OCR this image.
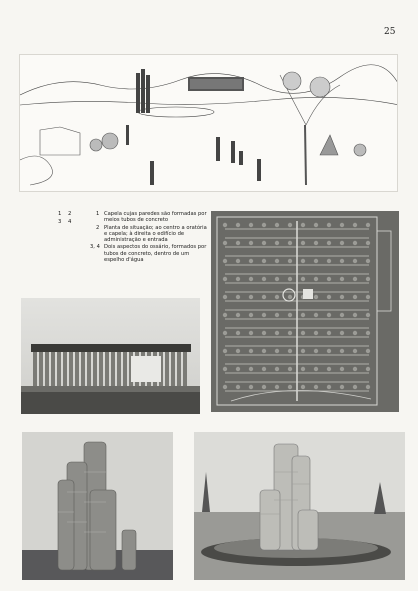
25
1 2
3 4
1 Capela cujas paredes são formadas por meios tubos de concreto
2 Planta de situação; ao centro a oratória e capela; à direita o edifício de administração e entrada
3, 4 Dois aspectos do ossário, formados por tubos de concreto, dentro de um espelho d'água
